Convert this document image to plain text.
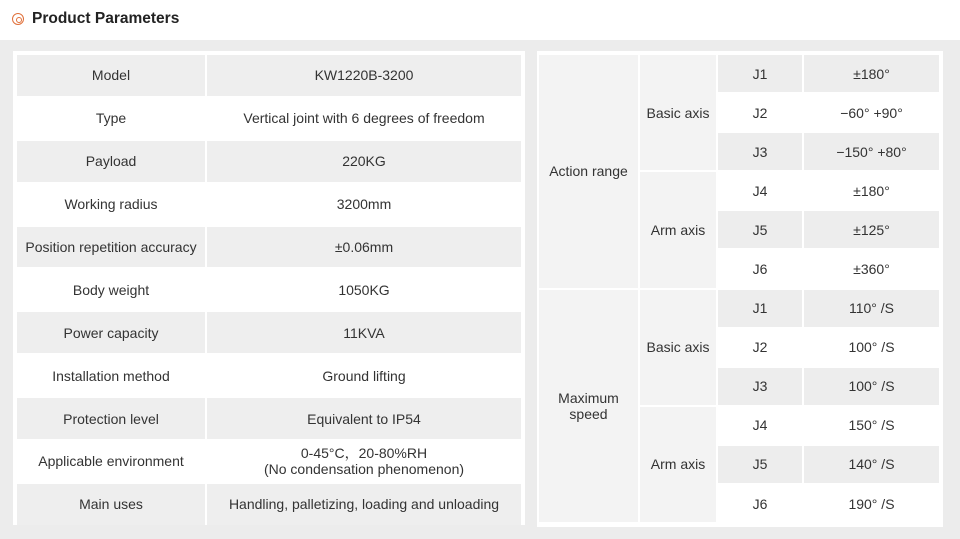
Product Parameters
Model	KW1220B-3200
Type	Vertical joint with 6 degrees of freedom
Payload	220KG
Working radius	3200mm
Position repetition accuracy	±0.06mm
Body weight	1050KG
Power capacity	11KVA
Installation method	Ground lifting
Protection level	Equivalent to IP54
Applicable environment	0-45°C，20-80%RH
(No condensation phenomenon)

Main uses	Handling, palletizing, loading and unloading
Action range	Basic axis	J1	±180°
		J2	−60° +90°
		J3	−150° +80°
	Arm axis	J4	±180°
		J5	±125°
		J6	±360°

Maximum
speed	Basic axis	J1	110° /S
		J2	100° /S
		J3	100° /S
	Arm axis	J4	150° /S
		J5	140° /S
		J6	190° /S
